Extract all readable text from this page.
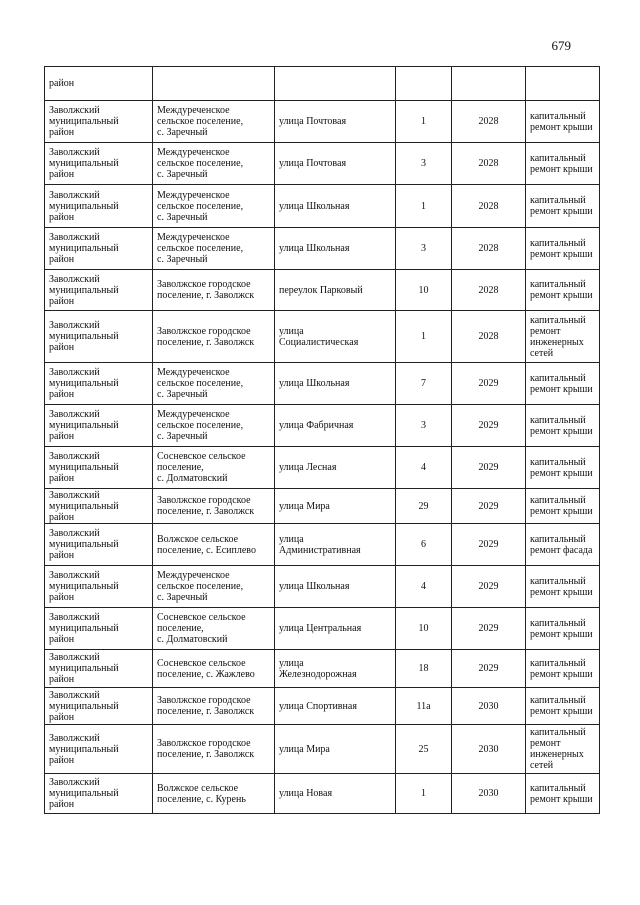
679
район					

Заволжский
муниципальный
район	Междуреченское
сельское поселение,
с. Заречный	улица Почтовая	1	2028	капитальный
ремонт крыши

Заволжский
муниципальный
район	Междуреченское
сельское поселение,
с. Заречный	улица Почтовая	3	2028	капитальный
ремонт крыши

Заволжский
муниципальный
район	Междуреченское
сельское поселение,
с. Заречный	улица Школьная	1	2028	капитальный
ремонт крыши

Заволжский
муниципальный
район	Междуреченское
сельское поселение,
с. Заречный	улица Школьная	3	2028	капитальный
ремонт крыши

Заволжский
муниципальный
район	Заволжское городское
поселение, г. Заволжск	переулок Парковый	10	2028	капитальный
ремонт крыши

Заволжский
муниципальный
район	Заволжское городское
поселение, г. Заволжск	улица
Социалистическая	1	2028	капитальный
ремонт
инженерных
сетей

Заволжский
муниципальный
район	Междуреченское
сельское поселение,
с. Заречный	улица Школьная	7	2029	капитальный
ремонт крыши

Заволжский
муниципальный
район	Междуреченское
сельское поселение,
с. Заречный	улица Фабричная	3	2029	капитальный
ремонт крыши

Заволжский
муниципальный
район	Сосневское сельское
поселение,
с. Долматовский	улица Лесная	4	2029	капитальный
ремонт крыши

Заволжский
муниципальный
район	Заволжское городское
поселение, г. Заволжск	улица Мира	29	2029	капитальный
ремонт крыши

Заволжский
муниципальный
район	Волжское сельское
поселение, с. Есиплево	улица
Административная	6	2029	капитальный
ремонт фасада

Заволжский
муниципальный
район	Междуреченское
сельское поселение,
с. Заречный	улица Школьная	4	2029	капитальный
ремонт крыши

Заволжский
муниципальный
район	Сосневское сельское
поселение,
с. Долматовский	улица Центральная	10	2029	капитальный
ремонт крыши

Заволжский
муниципальный
район	Сосневское сельское
поселение, с. Жажлево	улица
Железнодорожная	18	2029	капитальный
ремонт крыши

Заволжский
муниципальный
район	Заволжское городское
поселение, г. Заволжск	улица Спортивная	11а	2030	капитальный
ремонт крыши

Заволжский
муниципальный
район	Заволжское городское
поселение, г. Заволжск	улица Мира	25	2030	капитальный
ремонт
инженерных
сетей

Заволжский
муниципальный
район	Волжское сельское
поселение, с. Курень	улица Новая	1	2030	капитальный
ремонт крыши
